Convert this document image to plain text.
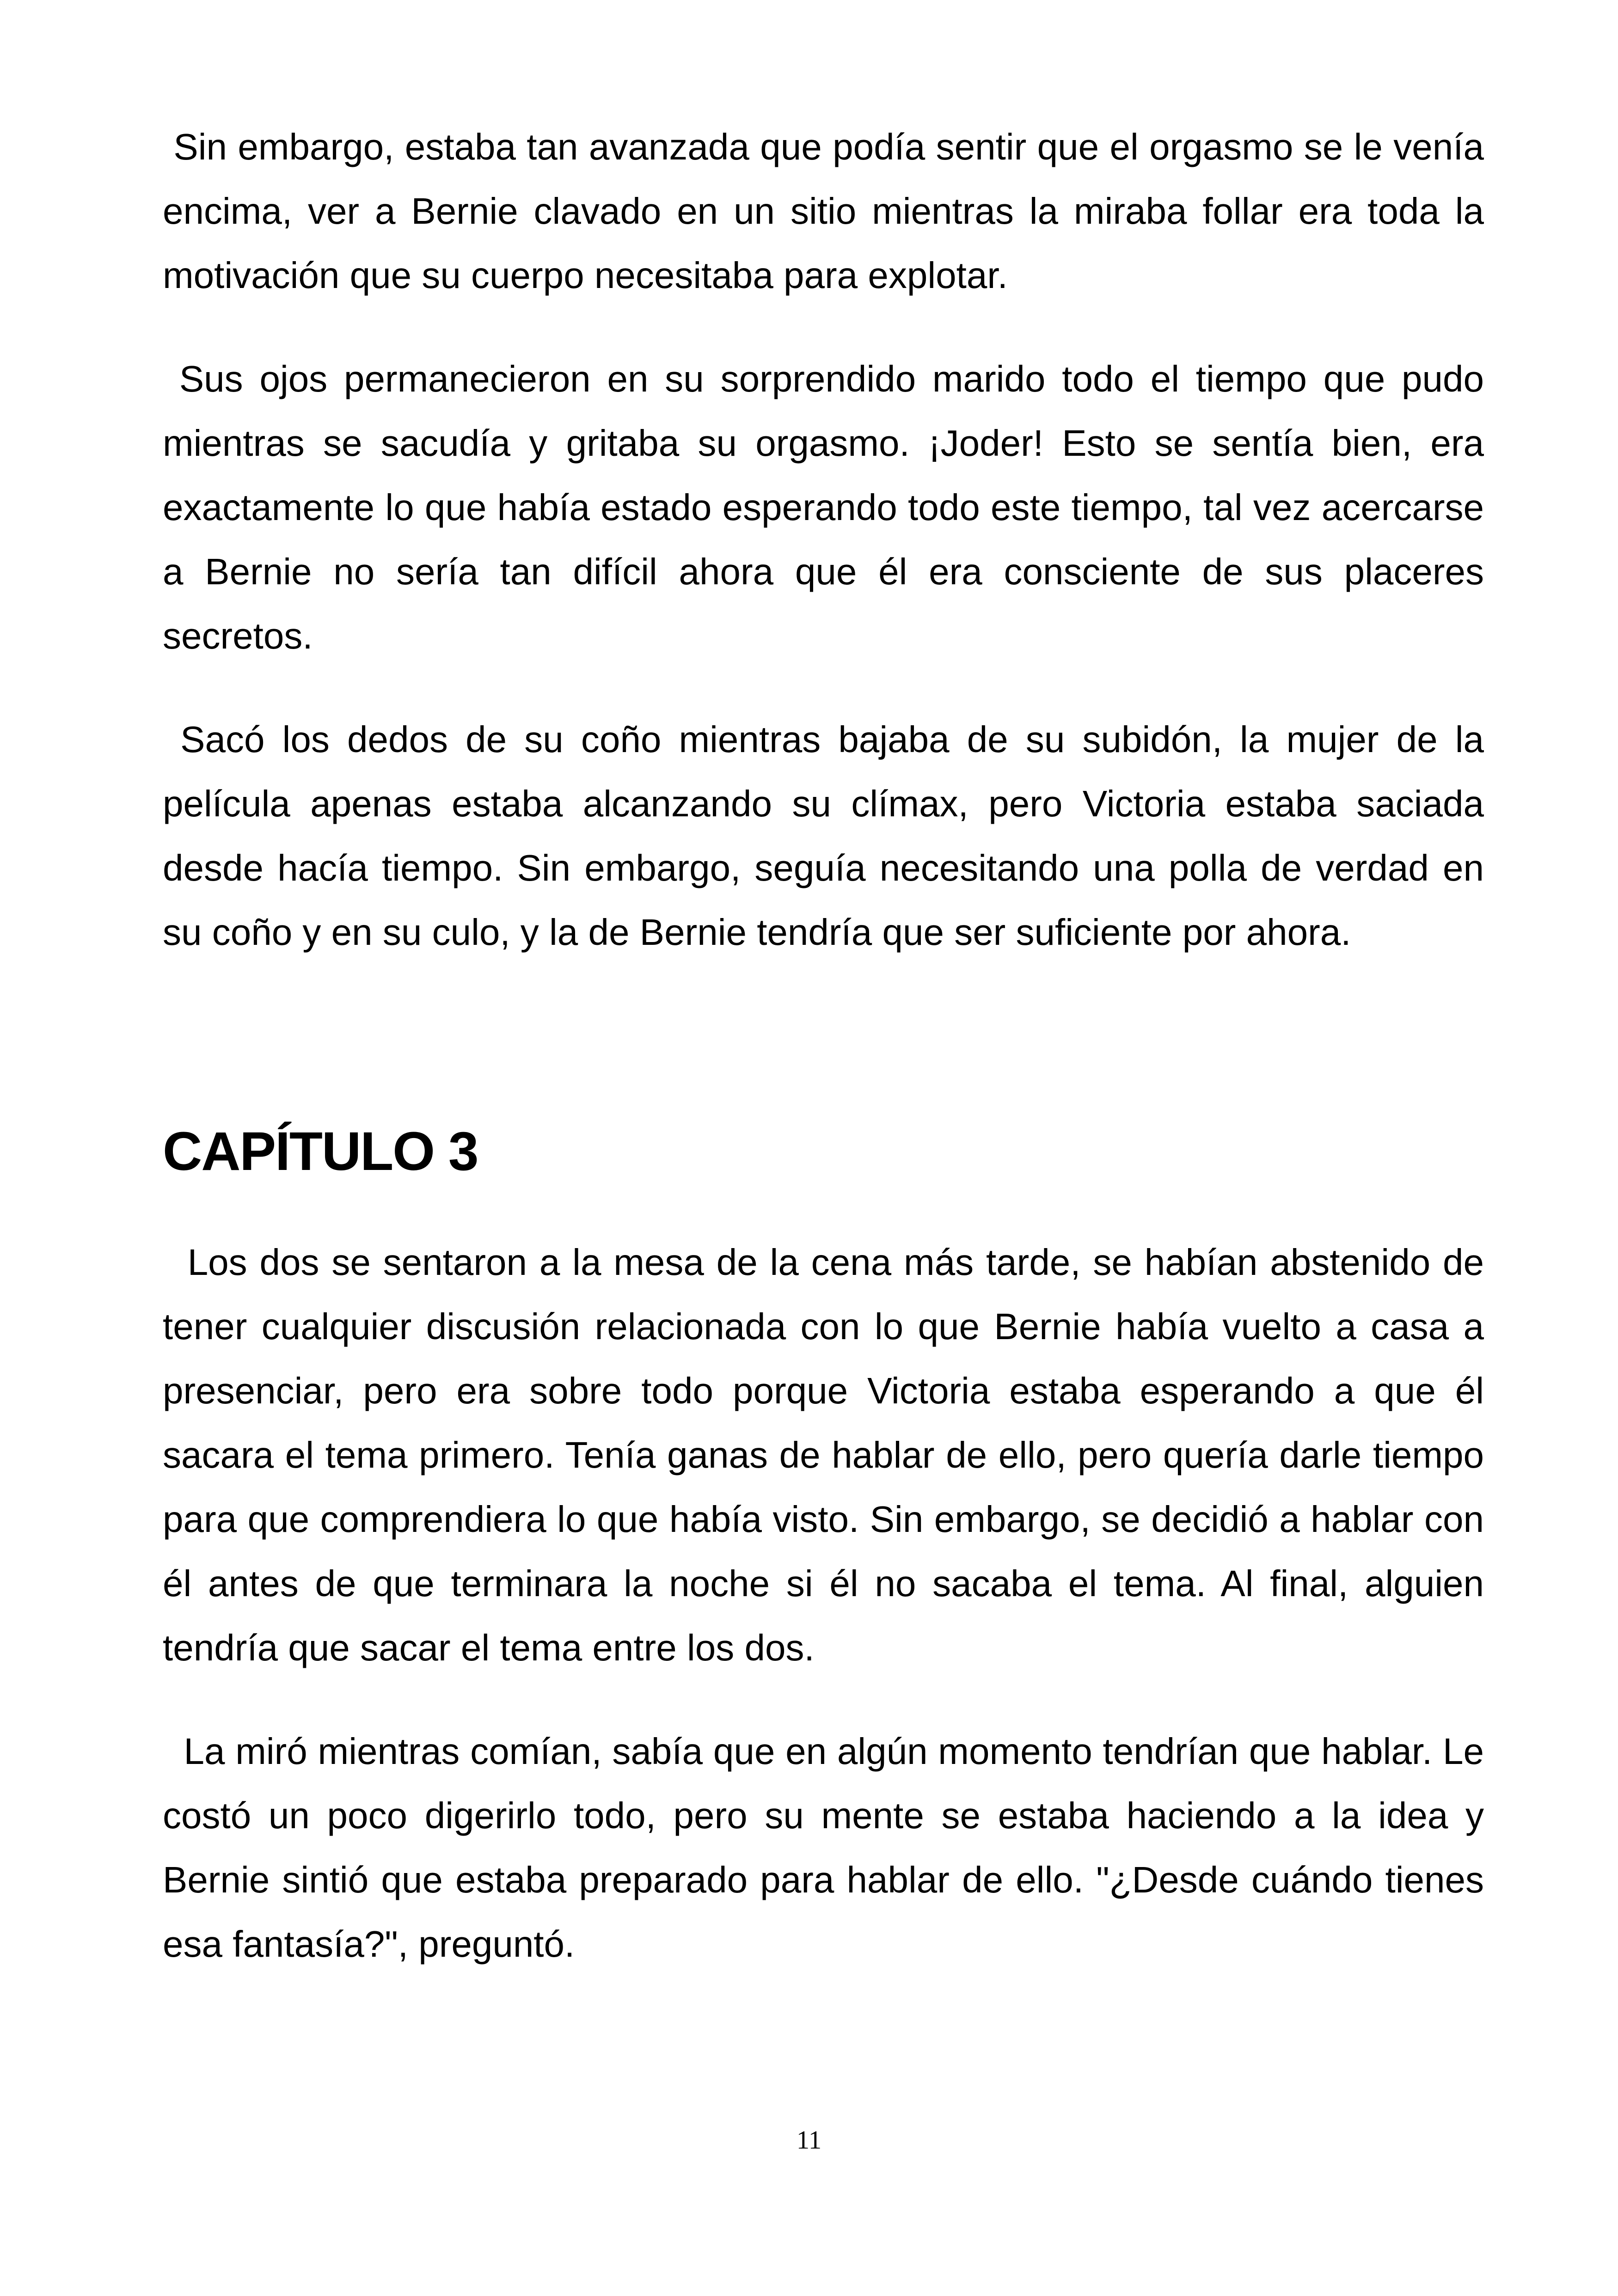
Sin embargo, estaba tan avanzada que podía sentir que el orgasmo se le venía encima, ver a Bernie clavado en un sitio mientras la miraba follar era toda la motivación que su cuerpo necesitaba para explotar.

Sus ojos permanecieron en su sorprendido marido todo el tiempo que pudo mientras se sacudía y gritaba su orgasmo. ¡Joder! Esto se sentía bien, era exactamente lo que había estado esperando todo este tiempo, tal vez acercarse a Bernie no sería tan difícil ahora que él era consciente de sus placeres secretos.

Sacó los dedos de su coño mientras bajaba de su subidón, la mujer de la película apenas estaba alcanzando su clímax, pero Victoria estaba saciada desde hacía tiempo. Sin embargo, seguía necesitando una polla de verdad en su coño y en su culo, y la de Bernie tendría que ser suficiente por ahora.

CAPÍTULO 3

Los dos se sentaron a la mesa de la cena más tarde, se habían abstenido de tener cualquier discusión relacionada con lo que Bernie había vuelto a casa a presenciar, pero era sobre todo porque Victoria estaba esperando a que él sacara el tema primero. Tenía ganas de hablar de ello, pero quería darle tiempo para que comprendiera lo que había visto. Sin embargo, se decidió a hablar con él antes de que terminara la noche si él no sacaba el tema. Al final, alguien tendría que sacar el tema entre los dos.

La miró mientras comían, sabía que en algún momento tendrían que hablar. Le costó un poco digerirlo todo, pero su mente se estaba haciendo a la idea y Bernie sintió que estaba preparado para hablar de ello. "¿Desde cuándo tienes esa fantasía?", preguntó.

11
